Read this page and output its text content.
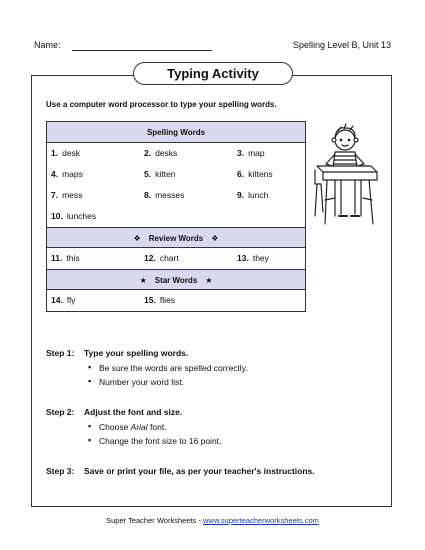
Name:	Spelling Level B, Unit 13
Typing Activity
Use a computer word processor to type your spelling words.
Spelling Words
1. desk	2. desks	3. map
4. maps	5. kitten	6. kittens
7. mess	8. messes	9. lunch
10. lunches
❖ Review Words ❖
11. this	12. chart	13. they
★ Star Words ★
14. fly	15. flies
Step 1: Type your spelling words.
▪ Be sure the words are spelled correctly.
▪ Number your word list.
Step 2: Adjust the font and size.
▪ Choose Arial font.
▪ Change the font size to 16 point.
Step 3: Save or print your file, as per your teacher's instructions.
Super Teacher Worksheets - www.superteacherworksheets.com
